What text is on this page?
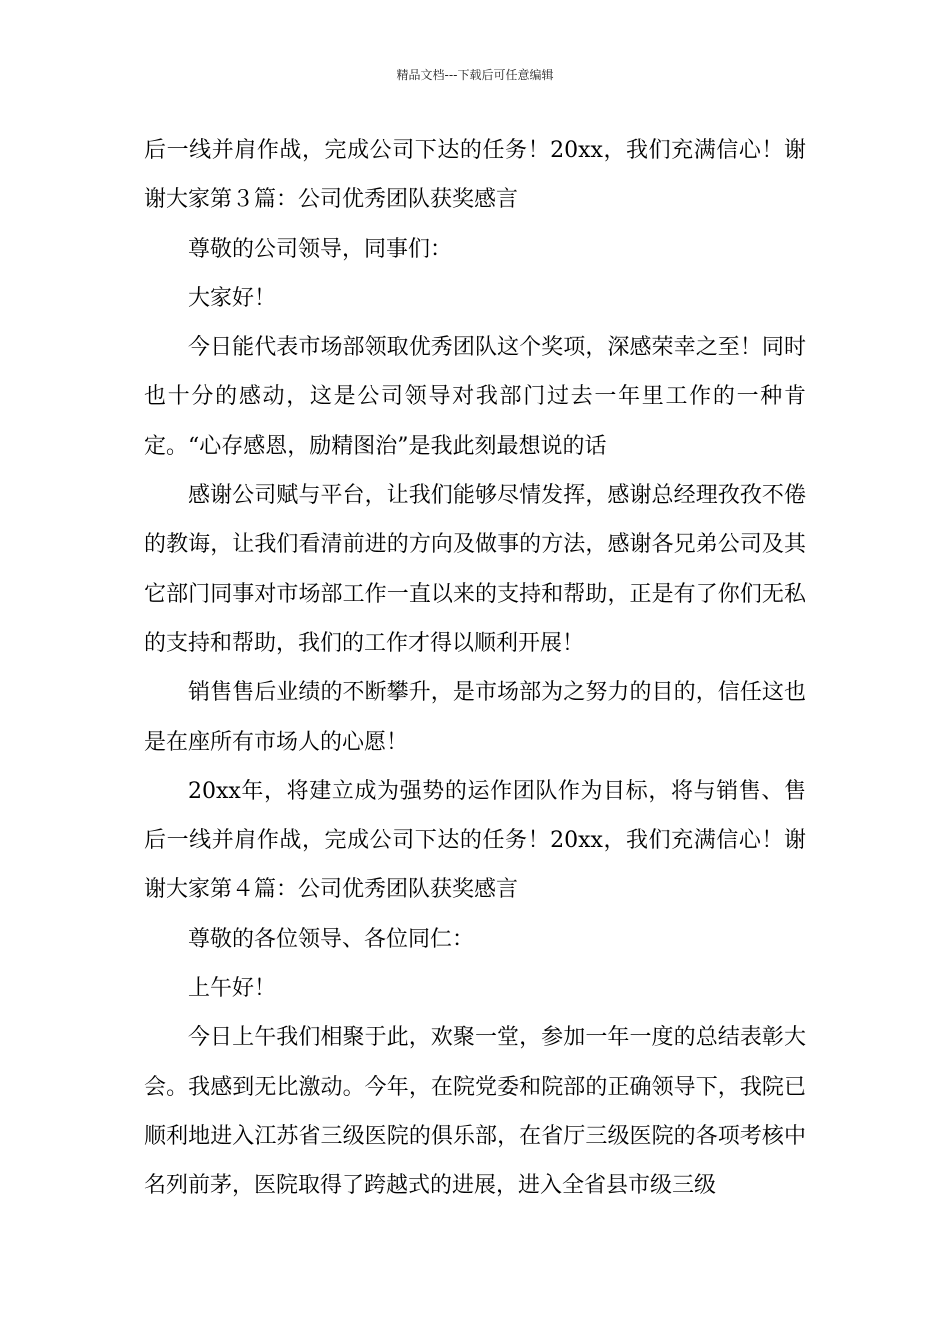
精品文档---下载后可任意编辑

后一线并肩作战，完成公司下达的任务！20xx，我们充满信心！谢谢大家第３篇：公司优秀团队获奖感言

尊敬的公司领导，同事们：

大家好！

今日能代表市场部领取优秀团队这个奖项，深感荣幸之至！同时也十分的感动，这是公司领导对我部门过去一年里工作的一种肯定。“心存感恩，励精图治”是我此刻最想说的话

感谢公司赋与平台，让我们能够尽情发挥，感谢总经理孜孜不倦的教诲，让我们看清前进的方向及做事的方法，感谢各兄弟公司及其它部门同事对市场部工作一直以来的支持和帮助，正是有了你们无私的支持和帮助，我们的工作才得以顺利开展！

销售售后业绩的不断攀升，是市场部为之努力的目的，信任这也是在座所有市场人的心愿！

20xx年，将建立成为强势的运作团队作为目标，将与销售、售后一线并肩作战，完成公司下达的任务！20xx，我们充满信心！谢谢大家第４篇：公司优秀团队获奖感言

尊敬的各位领导、各位同仁：

上午好！

今日上午我们相聚于此，欢聚一堂，参加一年一度的总结表彰大会。我感到无比激动。今年，在院党委和院部的正确领导下，我院已顺利地进入江苏省三级医院的俱乐部，在省厅三级医院的各项考核中名列前茅，医院取得了跨越式的进展，进入全省县市级三级
